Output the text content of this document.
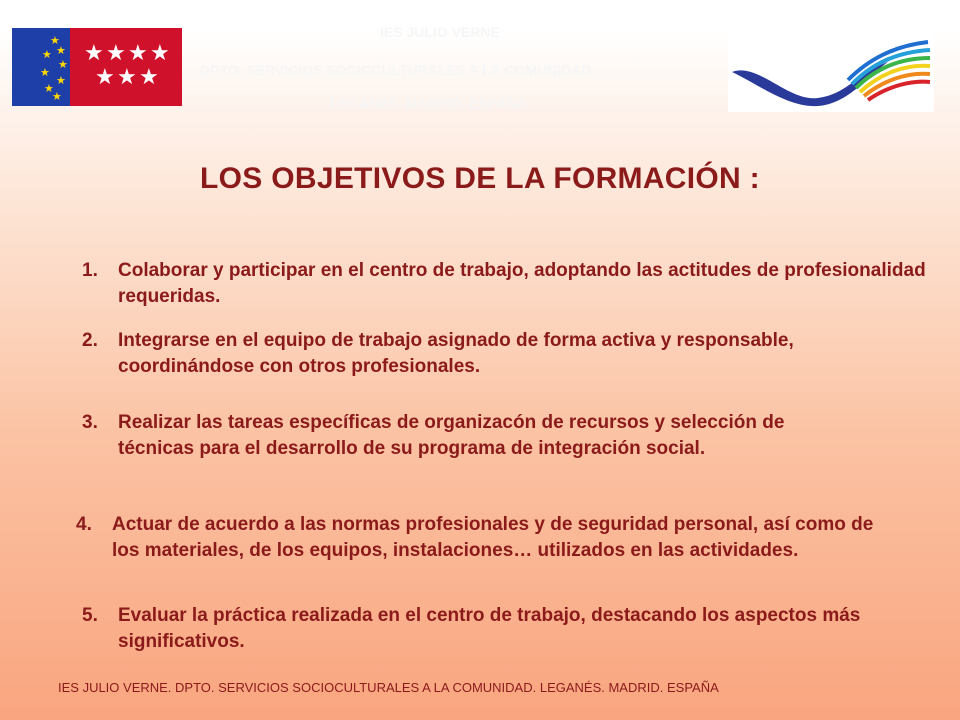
★
★
★
★
★
★
★
★
★ ★ ★ ★
★ ★ ★
IES JULIO VERNE
DPTO. SERVICIOS SOCIOCULTURALES A LA COMUNIDAD
LEGANÉS. MADRID. ESPAÑA
LOS OBJETIVOS DE LA FORMACIÓN :
1. Colaborar y participar en el centro de trabajo, adoptando las actitudes de profesionalidad requeridas.
2. Integrarse en el equipo de trabajo asignado de forma activa y responsable, coordinándose con otros profesionales.
3. Realizar las tareas específicas de organizacón de recursos y selección de técnicas para el desarrollo de su programa de integración social.
4. Actuar de acuerdo a las normas profesionales y de seguridad personal, así como de los materiales, de los equipos, instalaciones… utilizados en las actividades.
5. Evaluar la práctica realizada en el centro de trabajo, destacando los aspectos más significativos.
IES JULIO VERNE. DPTO. SERVICIOS SOCIOCULTURALES A LA COMUNIDAD. LEGANÉS. MADRID. ESPAÑA
